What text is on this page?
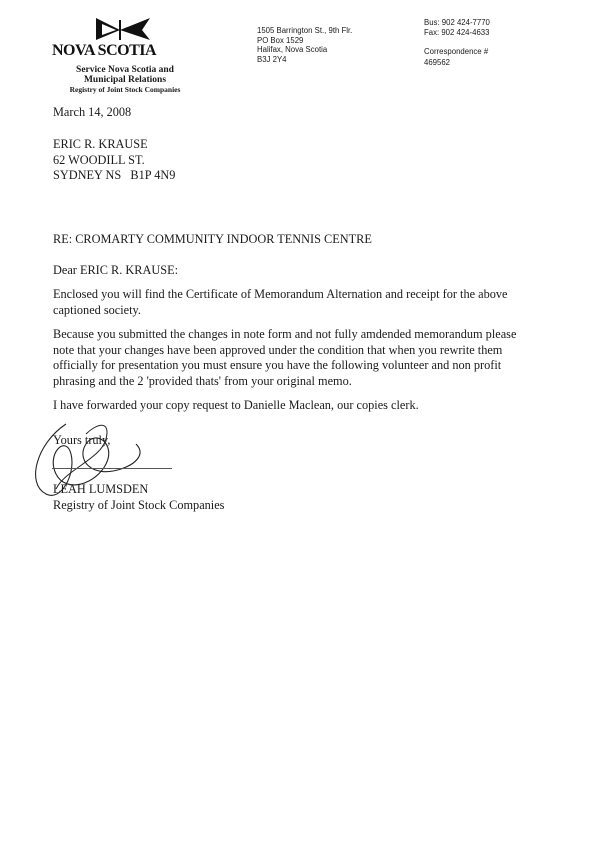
NOVA SCOTIA
Service Nova Scotia and
Municipal Relations
Registry of Joint Stock Companies
1505 Barrington St., 9th Flr.
PO Box 1529
Halifax, Nova Scotia
B3J 2Y4
Bus: 902 424-7770
Fax: 902 424-4633
Correspondence #
469562
March 14, 2008
ERIC R. KRAUSE
62 WOODILL ST.
SYDNEY NS   B1P 4N9
RE: CROMARTY COMMUNITY INDOOR TENNIS CENTRE
Dear ERIC R. KRAUSE:
Enclosed you will find the Certificate of Memorandum Alternation and receipt for the above
captioned society.
Because you submitted the changes in note form and not fully amdended memorandum please
note that your changes have been approved under the condition that when you rewrite them
officially for presentation you must ensure you have the following volunteer and non profit
phrasing and the 2 'provided thats' from your original memo.
I have forwarded your copy request to Danielle Maclean, our copies clerk.
Yours truly,
LEAH LUMSDEN
Registry of Joint Stock Companies
